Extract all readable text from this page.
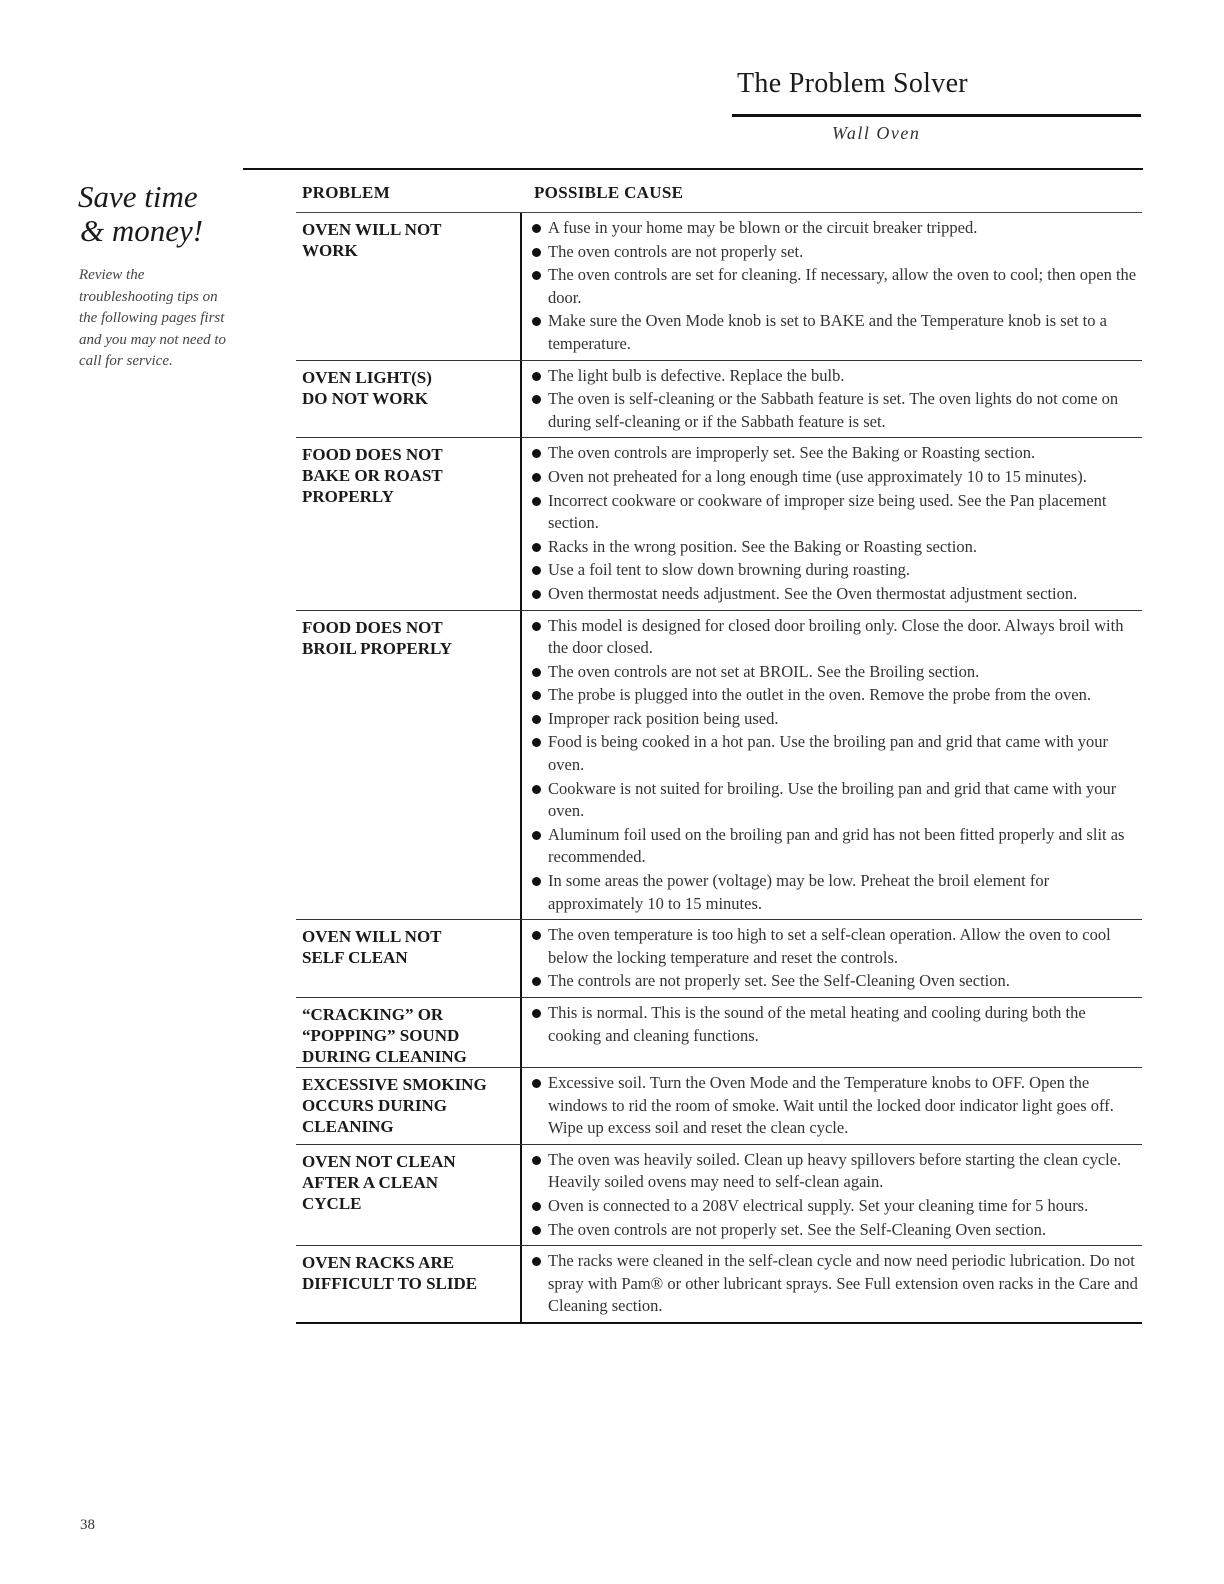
The Problem Solver
Wall Oven
Save time
& money!
Review the troubleshooting tips on the following pages first and you may not need to call for service.
PROBLEM	POSSIBLE CAUSE
OVEN WILL NOT
WORK
A fuse in your home may be blown or the circuit breaker tripped.
The oven controls are not properly set.
The oven controls are set for cleaning. If necessary, allow the oven to cool; then open the door.
Make sure the Oven Mode knob is set to BAKE and the Temperature knob is set to a temperature.
OVEN LIGHT(S)
DO NOT WORK
The light bulb is defective. Replace the bulb.
The oven is self-cleaning or the Sabbath feature is set. The oven lights do not come on during self-cleaning or if the Sabbath feature is set.
FOOD DOES NOT
BAKE OR ROAST
PROPERLY
The oven controls are improperly set. See the Baking or Roasting section.
Oven not preheated for a long enough time (use approximately 10 to 15 minutes).
Incorrect cookware or cookware of improper size being used. See the Pan placement section.
Racks in the wrong position. See the Baking or Roasting section.
Use a foil tent to slow down browning during roasting.
Oven thermostat needs adjustment. See the Oven thermostat adjustment section.
FOOD DOES NOT
BROIL PROPERLY
This model is designed for closed door broiling only. Close the door. Always broil with the door closed.
The oven controls are not set at BROIL. See the Broiling section.
The probe is plugged into the outlet in the oven. Remove the probe from the oven.
Improper rack position being used.
Food is being cooked in a hot pan. Use the broiling pan and grid that came with your oven.
Cookware is not suited for broiling. Use the broiling pan and grid that came with your oven.
Aluminum foil used on the broiling pan and grid has not been fitted properly and slit as recommended.
In some areas the power (voltage) may be low. Preheat the broil element for approximately 10 to 15 minutes.
OVEN WILL NOT
SELF CLEAN
The oven temperature is too high to set a self-clean operation. Allow the oven to cool below the locking temperature and reset the controls.
The controls are not properly set. See the Self-Cleaning Oven section.
“CRACKING” OR
“POPPING” SOUND
DURING CLEANING
This is normal. This is the sound of the metal heating and cooling during both the cooking and cleaning functions.
EXCESSIVE SMOKING
OCCURS DURING
CLEANING
Excessive soil. Turn the Oven Mode and the Temperature knobs to OFF. Open the windows to rid the room of smoke. Wait until the locked door indicator light goes off. Wipe up excess soil and reset the clean cycle.
OVEN NOT CLEAN
AFTER A CLEAN
CYCLE
The oven was heavily soiled. Clean up heavy spillovers before starting the clean cycle. Heavily soiled ovens may need to self-clean again.
Oven is connected to a 208V electrical supply. Set your cleaning time for 5 hours.
The oven controls are not properly set. See the Self-Cleaning Oven section.
OVEN RACKS ARE
DIFFICULT TO SLIDE
The racks were cleaned in the self-clean cycle and now need periodic lubrication. Do not spray with Pam® or other lubricant sprays. See Full extension oven racks in the Care and Cleaning section.
38
